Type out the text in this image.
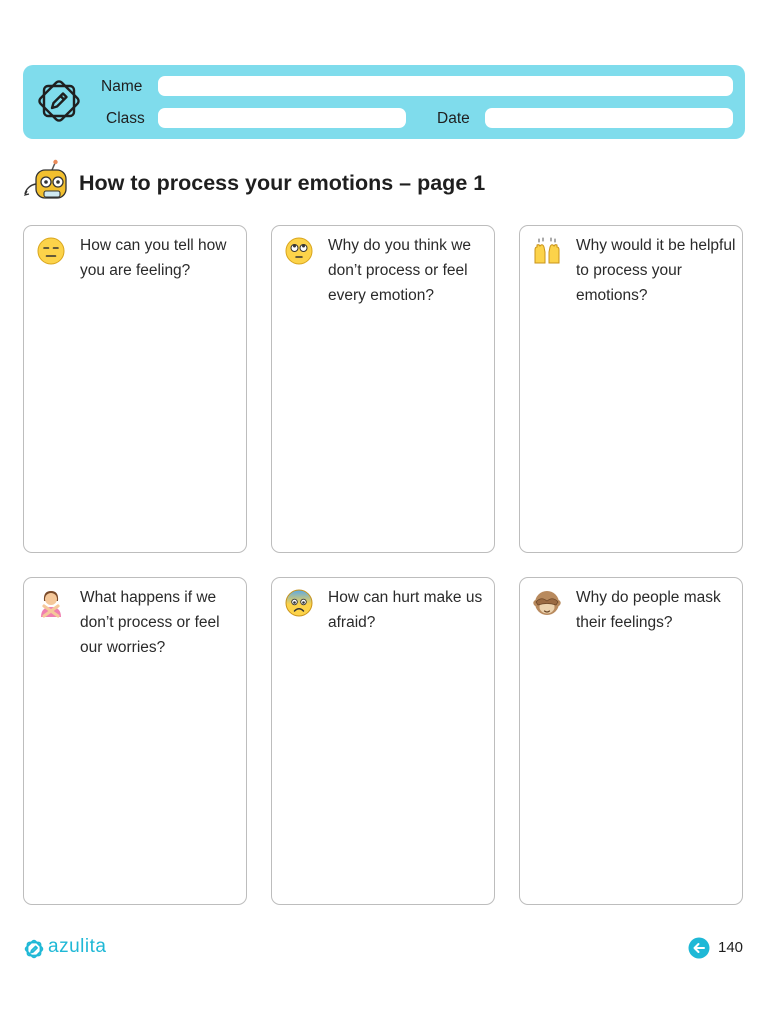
Name
Class	Date
How to process your emotions – page 1
How can you tell how you are feeling?
Why do you think we don’t process or feel every emotion?
Why would it be helpful to process your emotions?
What happens if we don’t process or feel our worries?
How can hurt make us afraid?
Why do people mask their feelings?
azulita	140
